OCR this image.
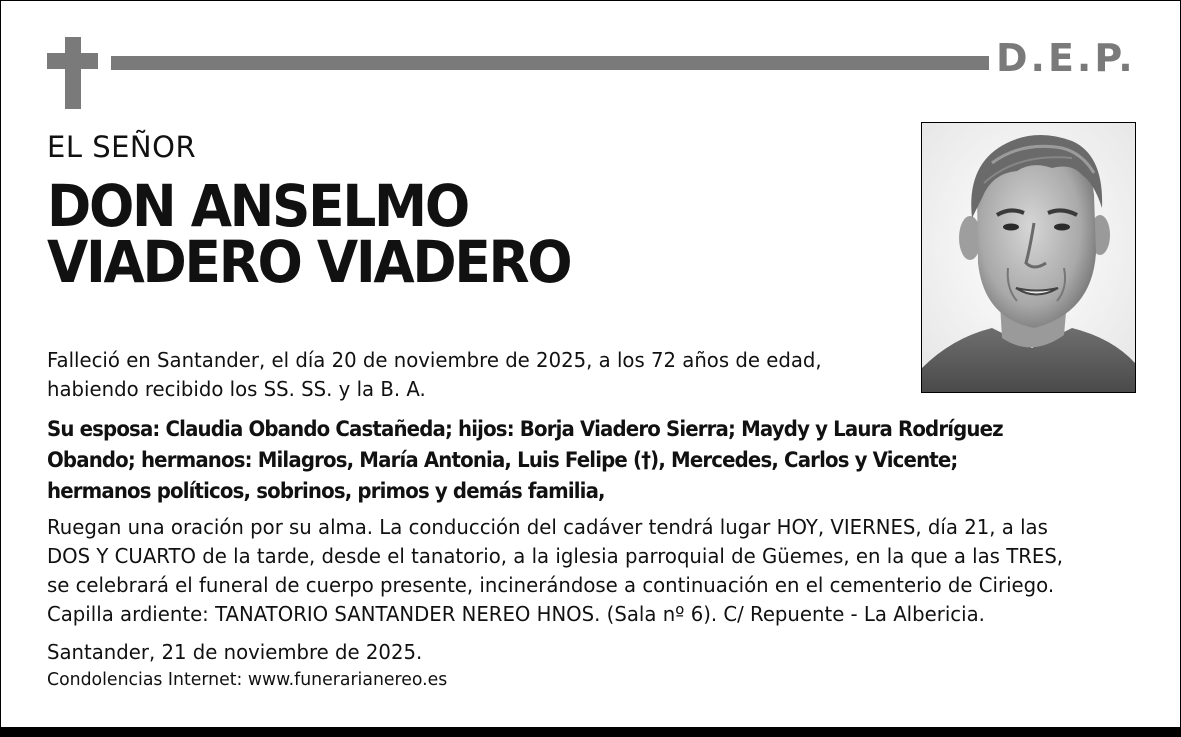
D.E.P.
EL SEÑOR
DON ANSELMO
VIADERO VIADERO
Falleció en Santander, el día 20 de noviembre de 2025, a los 72 años de edad,
habiendo recibido los SS. SS. y la B. A.
Su esposa: Claudia Obando Castañeda; hijos: Borja Viadero Sierra; Maydy y Laura Rodríguez
Obando; hermanos: Milagros, María Antonia, Luis Felipe (†), Mercedes, Carlos y Vicente;
hermanos políticos, sobrinos, primos y demás familia,
Ruegan una oración por su alma. La conducción del cadáver tendrá lugar HOY, VIERNES, día 21, a las
DOS Y CUARTO de la tarde, desde el tanatorio, a la iglesia parroquial de Güemes, en la que a las TRES,
se celebrará el funeral de cuerpo presente, incinerándose a continuación en el cementerio de Ciriego.
Capilla ardiente: TANATORIO SANTANDER NEREO HNOS. (Sala nº 6). C/ Repuente - La Albericia.
Santander, 21 de noviembre de 2025.
Condolencias Internet: www.funerarianereo.es
